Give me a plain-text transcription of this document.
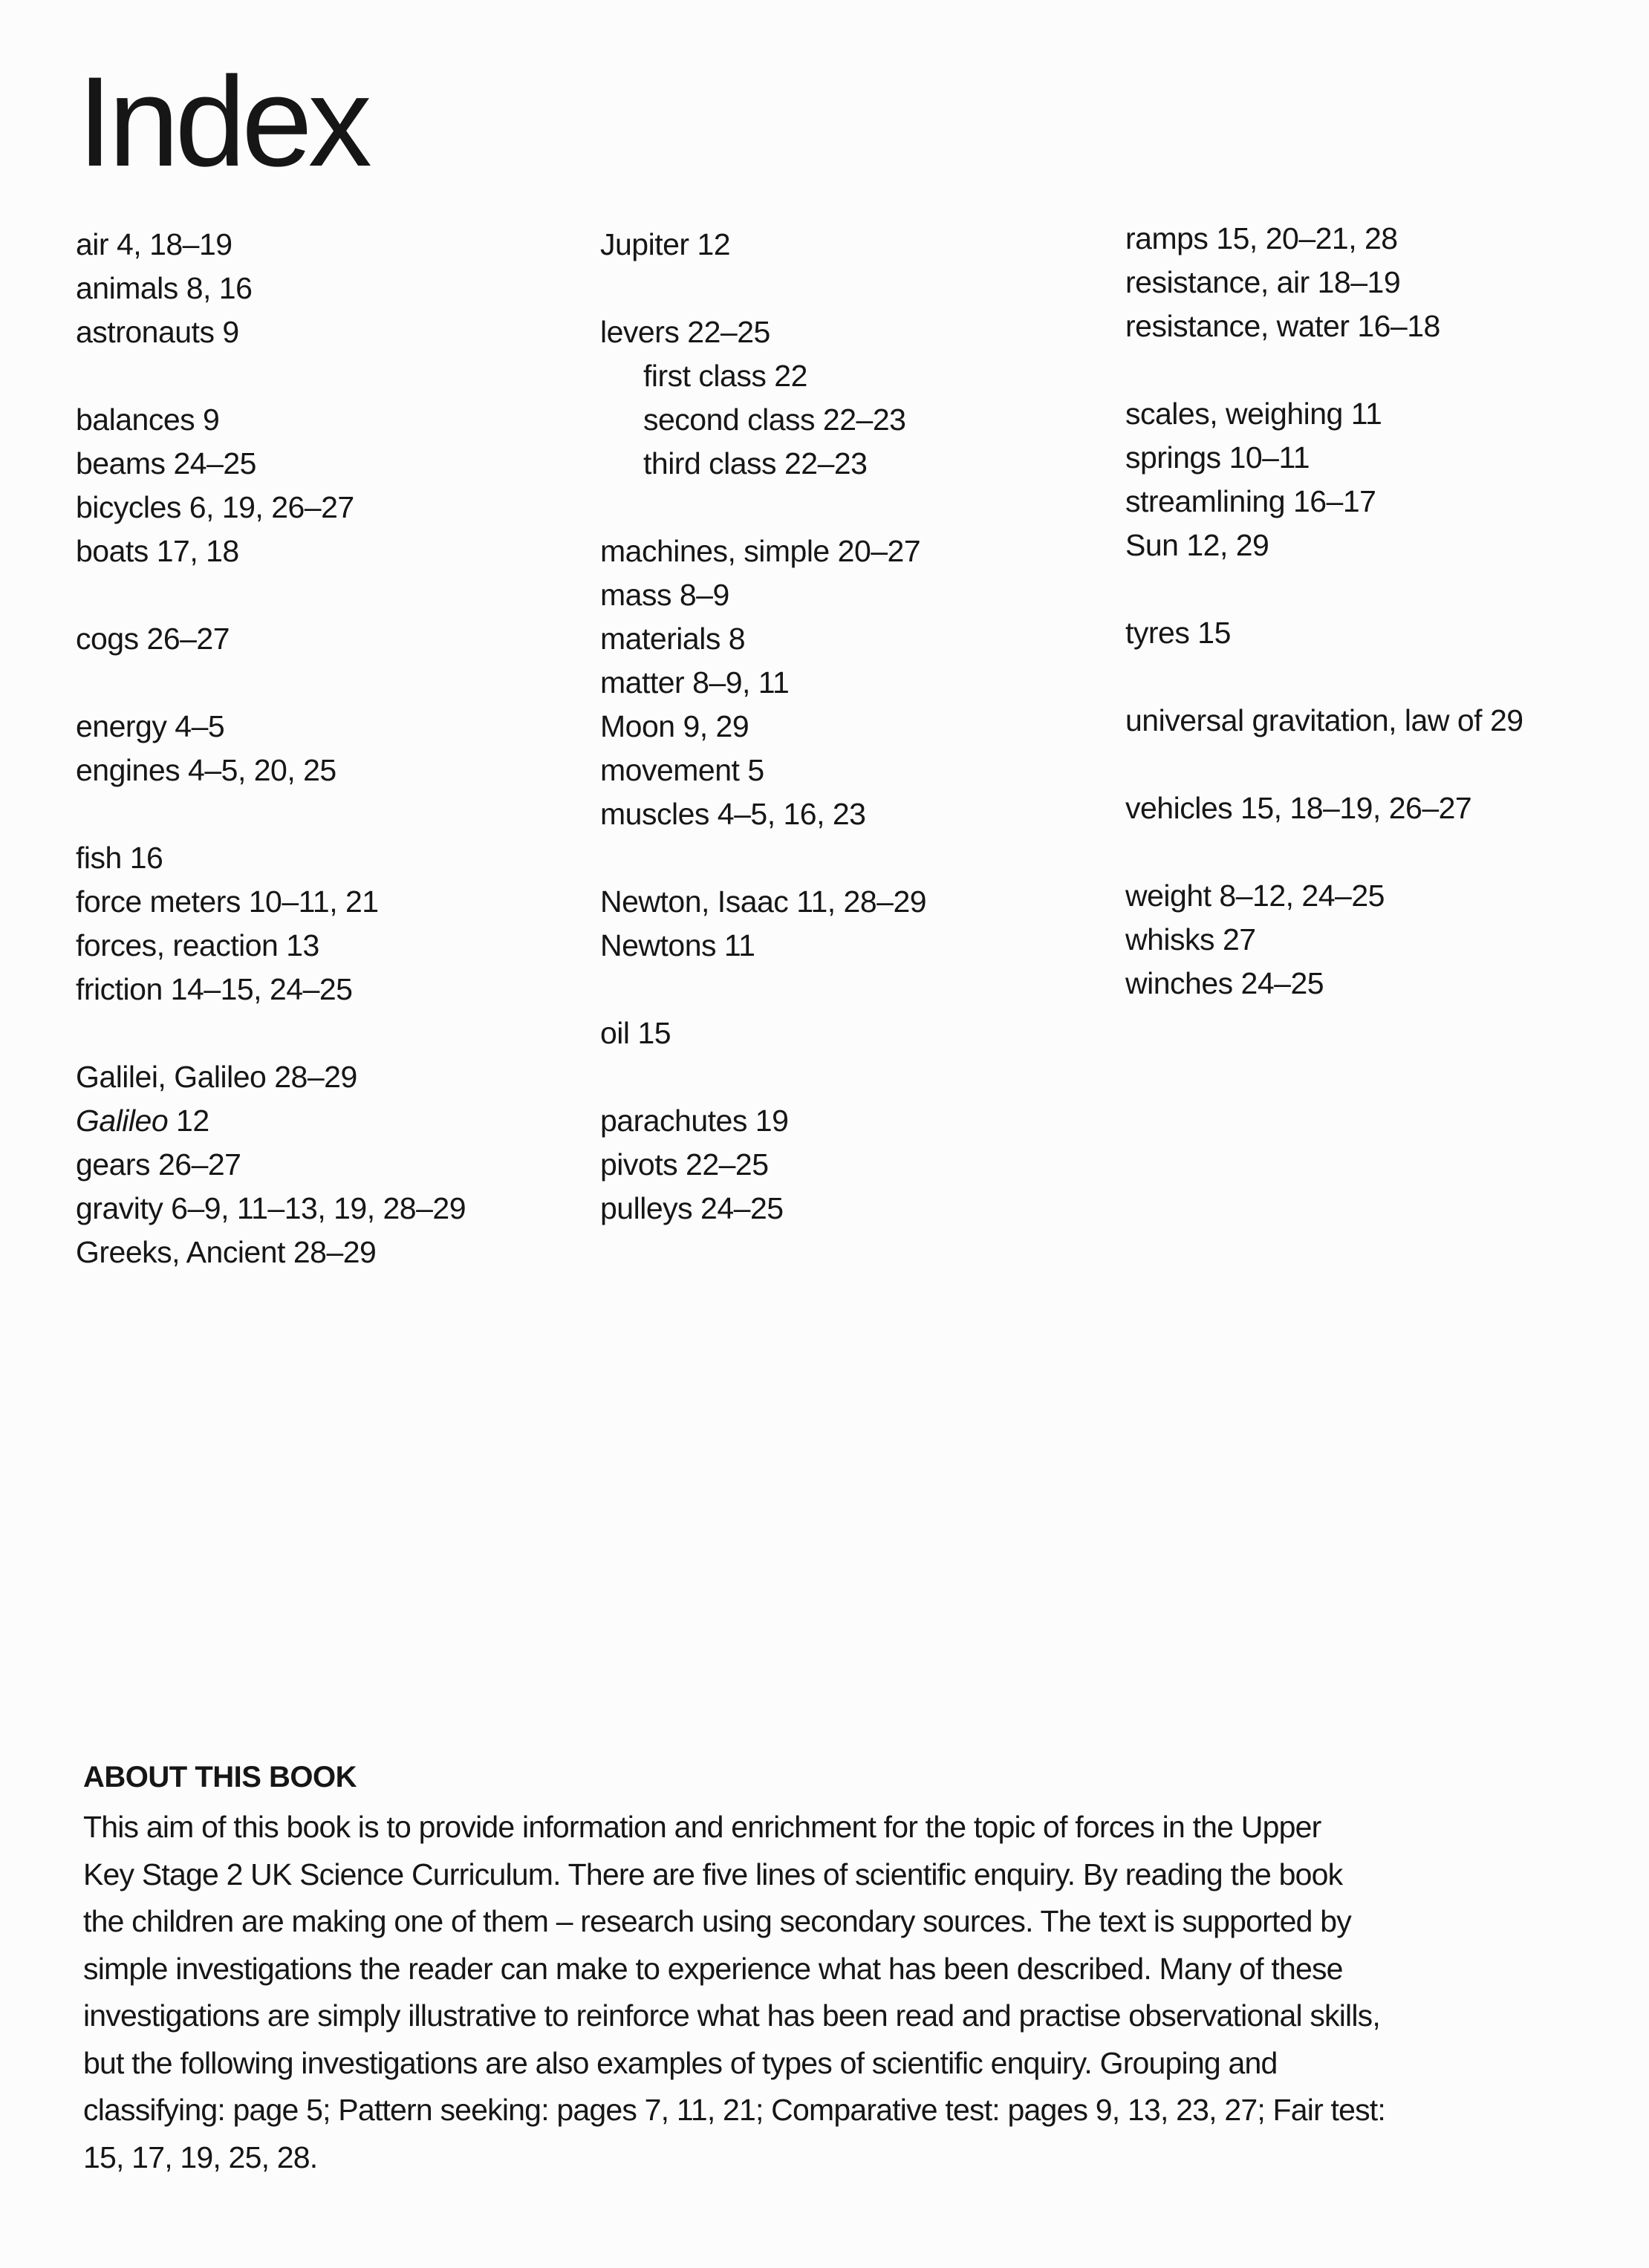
Index
air 4, 18–19
animals 8, 16
astronauts 9
balances 9
beams 24–25
bicycles 6, 19, 26–27
boats 17, 18
cogs 26–27
energy 4–5
engines 4–5, 20, 25
fish 16
force meters 10–11, 21
forces, reaction 13
friction 14–15, 24–25
Galilei, Galileo 28–29
Galileo 12
gears 26–27
gravity 6–9, 11–13, 19, 28–29
Greeks, Ancient 28–29
Jupiter 12
levers 22–25
first class 22
second class 22–23
third class 22–23
machines, simple 20–27
mass 8–9
materials 8
matter 8–9, 11
Moon 9, 29
movement 5
muscles 4–5, 16, 23
Newton, Isaac 11, 28–29
Newtons 11
oil 15
parachutes 19
pivots 22–25
pulleys 24–25
ramps 15, 20–21, 28
resistance, air 18–19
resistance, water 16–18
scales, weighing 11
springs 10–11
streamlining 16–17
Sun 12, 29
tyres 15
universal gravitation, law of 29
vehicles 15, 18–19, 26–27
weight 8–12, 24–25
whisks 27
winches 24–25
ABOUT THIS BOOK
This aim of this book is to provide information and enrichment for the topic of forces in the Upper
Key Stage 2 UK Science Curriculum. There are five lines of scientific enquiry. By reading the book
the children are making one of them – research using secondary sources. The text is supported by
simple investigations the reader can make to experience what has been described. Many of these
investigations are simply illustrative to reinforce what has been read and practise observational skills,
but the following investigations are also examples of types of scientific enquiry. Grouping and
classifying: page 5; Pattern seeking: pages 7, 11, 21; Comparative test: pages 9, 13, 23, 27; Fair test:
15, 17, 19, 25, 28.
